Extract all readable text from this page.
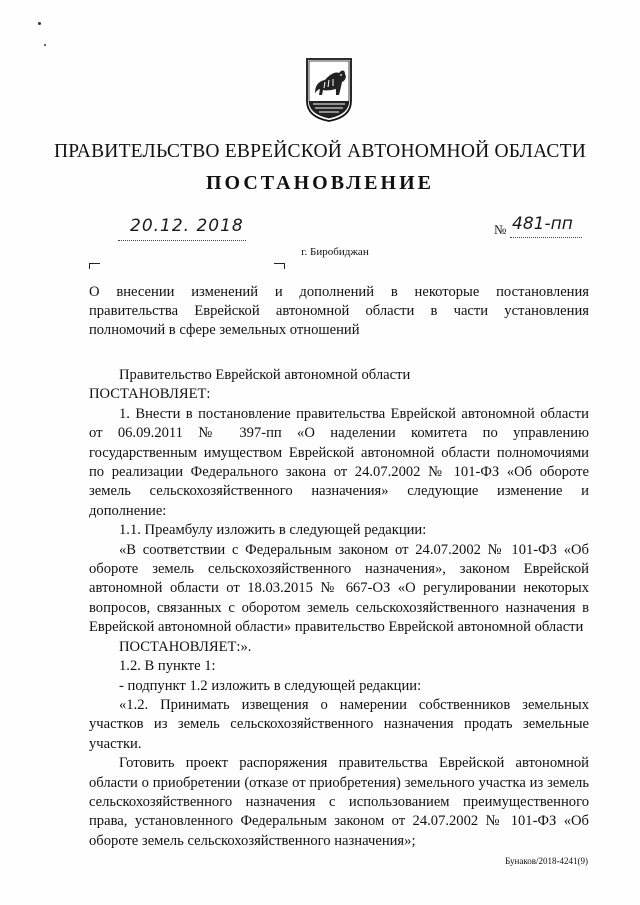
ПРАВИТЕЛЬСТВО ЕВРЕЙСКОЙ АВТОНОМНОЙ ОБЛАСТИ
ПОСТАНОВЛЕНИЕ
20.12. 2018	№ 481-пп
г. Биробиджан
О внесении изменений и дополнений в некоторые постановления правительства Еврейской автономной области в части установления полномочий в сфере земельных отношений

Правительство Еврейской автономной области

ПОСТАНОВЛЯЕТ:

1. Внести в постановление правительства Еврейской автономной области от 06.09.2011 № 397-пп «О наделении комитета по управлению государственным имуществом Еврейской автономной области полномочиями по реализации Федерального закона от 24.07.2002 № 101-ФЗ «Об обороте земель сельскохозяйственного назначения» следующие изменение и дополнение:

1.1. Преамбулу изложить в следующей редакции:

«В соответствии с Федеральным законом от 24.07.2002 № 101-ФЗ «Об обороте земель сельскохозяйственного назначения», законом Еврейской автономной области от 18.03.2015 № 667-ОЗ «О регулировании некоторых вопросов, связанных с оборотом земель сельскохозяйственного назначения в Еврейской автономной области» правительство Еврейской автономной области

ПОСТАНОВЛЯЕТ:».

1.2. В пункте 1:

- подпункт 1.2 изложить в следующей редакции:

«1.2. Принимать извещения о намерении собственников земельных участков из земель сельскохозяйственного назначения продать земельные участки.

Готовить проект распоряжения правительства Еврейской автономной области о приобретении (отказе от приобретения) земельного участка из земель сельскохозяйственного назначения с использованием преимущественного права, установленного Федеральным законом от 24.07.2002 № 101-ФЗ «Об обороте земель сельскохозяйственного назначения»;

Бунаков/2018-4241(9)
